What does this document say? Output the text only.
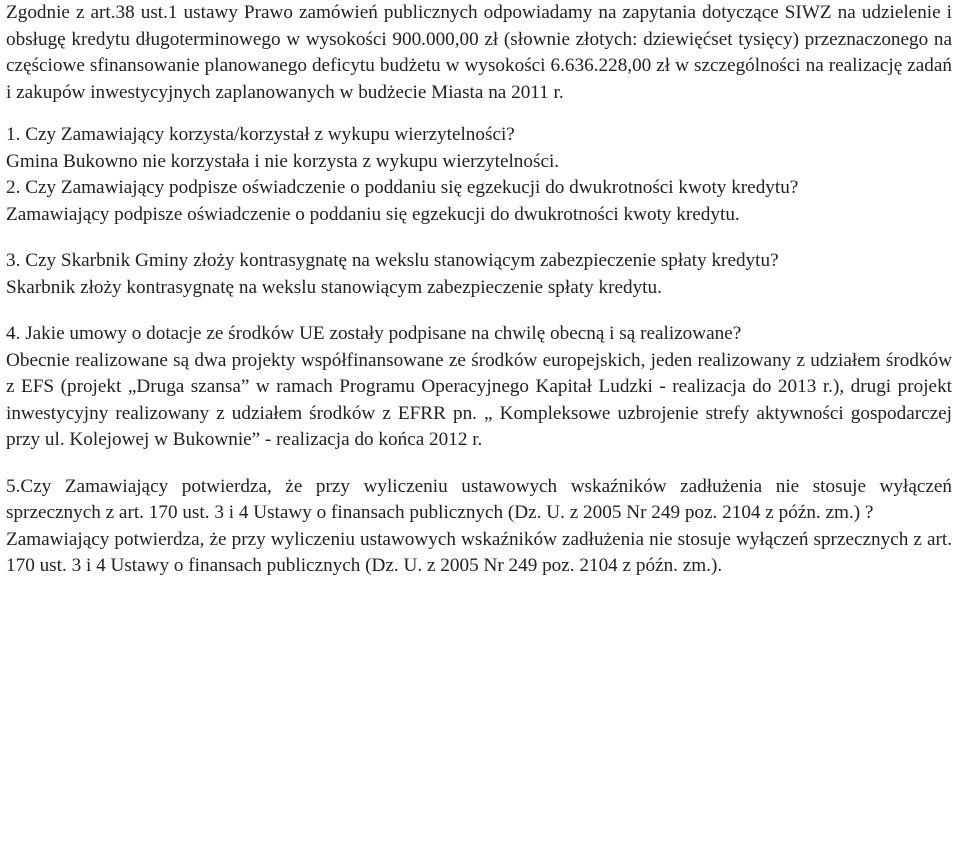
Zgodnie z art.38 ust.1 ustawy Prawo zamówień publicznych odpowiadamy na zapytania dotyczące SIWZ na udzielenie i obsługę kredytu długoterminowego w wysokości 900.000,00 zł (słownie złotych: dziewięćset tysięcy) przeznaczonego na częściowe sfinansowanie planowanego deficytu budżetu w wysokości 6.636.228,00 zł w szczególności na realizację zadań i zakupów inwestycyjnych zaplanowanych w budżecie Miasta na 2011 r.

1. Czy Zamawiający korzysta/korzystał z wykupu wierzytelności?

Gmina Bukowno nie korzystała i nie korzysta z wykupu wierzytelności.

2. Czy Zamawiający podpisze oświadczenie o poddaniu się egzekucji do dwukrotności kwoty kredytu?

Zamawiający podpisze oświadczenie o poddaniu się egzekucji do dwukrotności kwoty kredytu.

3. Czy Skarbnik Gminy złoży kontrasygnatę na wekslu stanowiącym zabezpieczenie spłaty kredytu?

Skarbnik złoży kontrasygnatę na wekslu stanowiącym zabezpieczenie spłaty kredytu.

4. Jakie umowy o dotacje ze środków UE zostały podpisane na chwilę obecną i są realizowane?

Obecnie realizowane są dwa projekty współfinansowane ze środków europejskich, jeden realizowany z udziałem środków z EFS (projekt „Druga szansa” w ramach Programu Operacyjnego Kapitał Ludzki - realizacja do 2013 r.), drugi projekt inwestycyjny realizowany z udziałem środków z EFRR pn. „ Kompleksowe uzbrojenie strefy aktywności gospodarczej przy ul. Kolejowej w Bukownie” - realizacja do końca 2012 r.

5.Czy Zamawiający potwierdza, że przy wyliczeniu ustawowych wskaźników zadłużenia nie stosuje wyłączeń sprzecznych z art. 170 ust. 3 i 4 Ustawy o finansach publicznych (Dz. U. z 2005 Nr 249 poz. 2104 z późn. zm.) ?

Zamawiający potwierdza, że przy wyliczeniu ustawowych wskaźników zadłużenia nie stosuje wyłączeń sprzecznych z art. 170 ust. 3 i 4 Ustawy o finansach publicznych (Dz. U. z 2005 Nr 249 poz. 2104 z późn. zm.).
